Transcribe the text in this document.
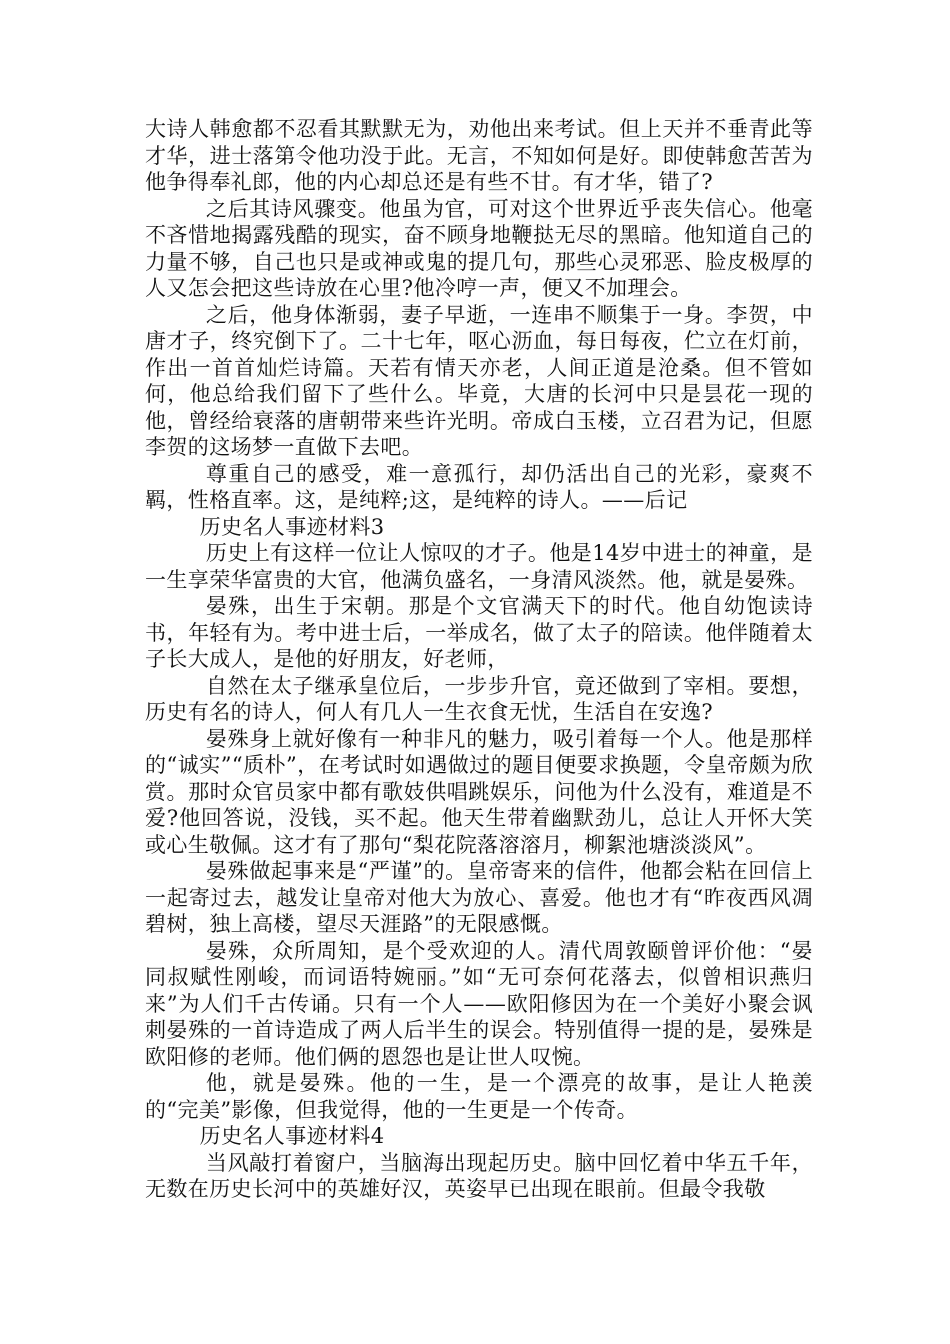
大诗人韩愈都不忍看其默默无为，劝他出来考试。但上天并不垂青此等才华，进士落第令他功没于此。无言，不知如何是好。即使韩愈苦苦为他争得奉礼郎，他的内心却总还是有些不甘。有才华，错了?

之后其诗风骤变。他虽为官，可对这个世界近乎丧失信心。他毫不吝惜地揭露残酷的现实，奋不顾身地鞭挞无尽的黑暗。他知道自己的力量不够，自己也只是或神或鬼的提几句，那些心灵邪恶、脸皮极厚的人又怎会把这些诗放在心里?他冷哼一声，便又不加理会。

之后，他身体渐弱，妻子早逝，一连串不顺集于一身。李贺，中唐才子，终究倒下了。二十七年，呕心沥血，每日每夜，伫立在灯前，作出一首首灿烂诗篇。天若有情天亦老，人间正道是沧桑。但不管如何，他总给我们留下了些什么。毕竟，大唐的长河中只是昙花一现的他，曾经给衰落的唐朝带来些许光明。帝成白玉楼，立召君为记，但愿李贺的这场梦一直做下去吧。

尊重自己的感受，难一意孤行，却仍活出自己的光彩，豪爽不羁，性格直率。这，是纯粹;这，是纯粹的诗人。——后记

历史名人事迹材料3

历史上有这样一位让人惊叹的才子。他是14岁中进士的神童，是一生享荣华富贵的大官，他满负盛名，一身清风淡然。他，就是晏殊。

晏殊，出生于宋朝。那是个文官满天下的时代。他自幼饱读诗书，年轻有为。考中进士后，一举成名，做了太子的陪读。他伴随着太子长大成人，是他的好朋友，好老师，

自然在太子继承皇位后，一步步升官，竟还做到了宰相。要想，历史有名的诗人，何人有几人一生衣食无忧，生活自在安逸?

晏殊身上就好像有一种非凡的魅力，吸引着每一个人。他是那样的“诚实”“质朴”，在考试时如遇做过的题目便要求换题，令皇帝颇为欣赏。那时众官员家中都有歌妓供唱跳娱乐，问他为什么没有，难道是不爱?他回答说，没钱，买不起。他天生带着幽默劲儿，总让人开怀大笑或心生敬佩。这才有了那句“梨花院落溶溶月，柳絮池塘淡淡风”。

晏殊做起事来是“严谨”的。皇帝寄来的信件，他都会粘在回信上一起寄过去，越发让皇帝对他大为放心、喜爱。他也才有“昨夜西风凋碧树，独上高楼，望尽天涯路”的无限感慨。

晏殊，众所周知，是个受欢迎的人。清代周敦颐曾评价他：“晏同叔赋性刚峻，而词语特婉丽。”如“无可奈何花落去，似曾相识燕归来”为人们千古传诵。只有一个人——欧阳修因为在一个美好小聚会讽刺晏殊的一首诗造成了两人后半生的误会。特别值得一提的是，晏殊是欧阳修的老师。他们俩的恩怨也是让世人叹惋。

他，就是晏殊。他的一生，是一个漂亮的故事，是让人艳羡的“完美”影像，但我觉得，他的一生更是一个传奇。

历史名人事迹材料4

当风敲打着窗户，当脑海出现起历史。脑中回忆着中华五千年，无数在历史长河中的英雄好汉，英姿早已出现在眼前。但最令我敬
